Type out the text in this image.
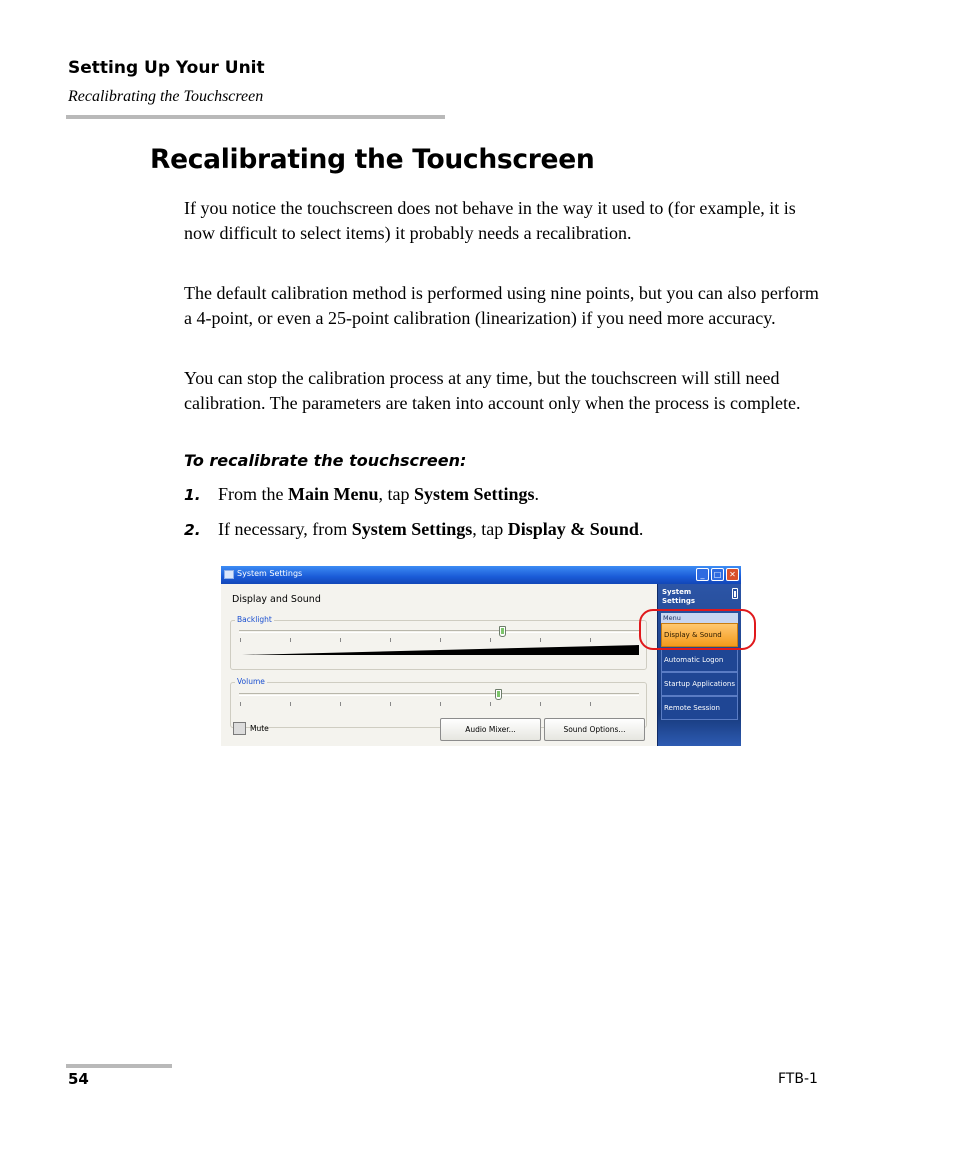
Setting Up Your Unit
Recalibrating the Touchscreen
Recalibrating the Touchscreen

If you notice the touchscreen does not behave in the way it used to (for example, it is now difficult to select items) it probably needs a recalibration.

The default calibration method is performed using nine points, but you can also perform a 4-point, or even a 25-point calibration (linearization) if you need more accuracy.

You can stop the calibration process at any time, but the touchscreen will still need calibration. The parameters are taken into account only when the process is complete.

To recalibrate the touchscreen:
1. From the Main Menu, tap System Settings.
2. If necessary, from System Settings, tap Display & Sound.
System Settings	_	□ ✕
Display and Sound
Backlight
Volume
Mute	Audio Mixer...	Sound Options...
System
Settings
Menu
Display & Sound
Automatic Logon
Startup Applications
Remote Session
54	FTB-1
